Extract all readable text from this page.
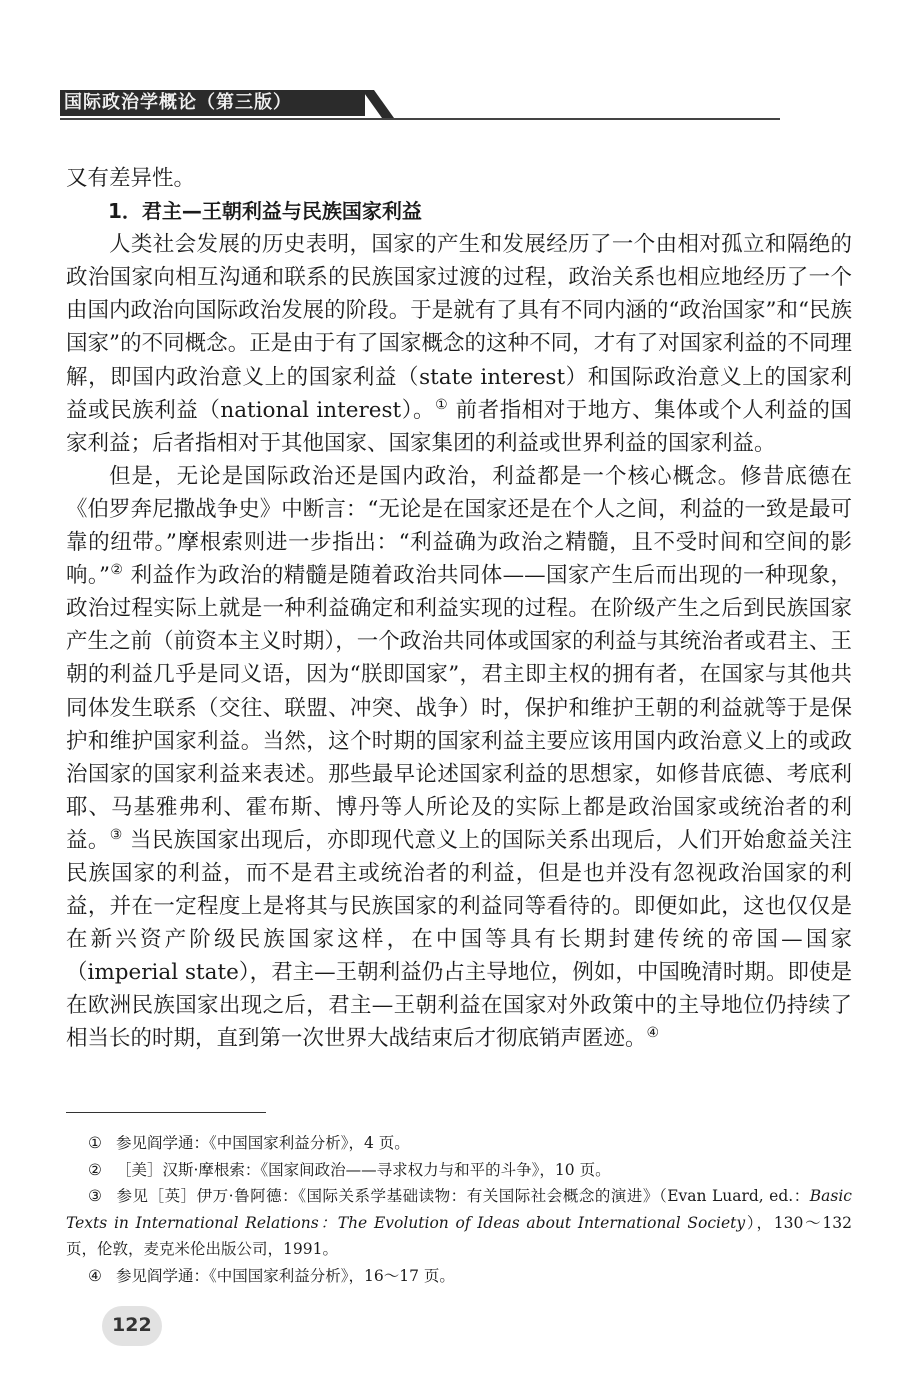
国际政治学概论（第三版）

又有差异性。

1．君主—王朝利益与民族国家利益

人类社会发展的历史表明，国家的产生和发展经历了一个由相对孤立和隔绝的政治国家向相互沟通和联系的民族国家过渡的过程，政治关系也相应地经历了一个由国内政治向国际政治发展的阶段。于是就有了具有不同内涵的“政治国家”和“民族国家”的不同概念。正是由于有了国家概念的这种不同，才有了对国家利益的不同理解，即国内政治意义上的国家利益（state interest）和国际政治意义上的国家利益或民族利益（national interest）。① 前者指相对于地方、集体或个人利益的国家利益；后者指相对于其他国家、国家集团的利益或世界利益的国家利益。

但是，无论是国际政治还是国内政治，利益都是一个核心概念。修昔底德在《伯罗奔尼撒战争史》中断言：“无论是在国家还是在个人之间，利益的一致是最可靠的纽带。”摩根索则进一步指出：“利益确为政治之精髓，且不受时间和空间的影响。”② 利益作为政治的精髓是随着政治共同体——国家产生后而出现的一种现象，政治过程实际上就是一种利益确定和利益实现的过程。在阶级产生之后到民族国家产生之前（前资本主义时期），一个政治共同体或国家的利益与其统治者或君主、王朝的利益几乎是同义语，因为“朕即国家”，君主即主权的拥有者，在国家与其他共同体发生联系（交往、联盟、冲突、战争）时，保护和维护王朝的利益就等于是保护和维护国家利益。当然，这个时期的国家利益主要应该用国内政治意义上的或政治国家的国家利益来表述。那些最早论述国家利益的思想家，如修昔底德、考底利耶、马基雅弗利、霍布斯、博丹等人所论及的实际上都是政治国家或统治者的利益。③ 当民族国家出现后，亦即现代意义上的国际关系出现后，人们开始愈益关注民族国家的利益，而不是君主或统治者的利益，但是也并没有忽视政治国家的利益，并在一定程度上是将其与民族国家的利益同等看待的。即便如此，这也仅仅是在新兴资产阶级民族国家这样，在中国等具有长期封建传统的帝国—国家（imperial state），君主—王朝利益仍占主导地位，例如，中国晚清时期。即使是在欧洲民族国家出现之后，君主—王朝利益在国家对外政策中的主导地位仍持续了相当长的时期，直到第一次世界大战结束后才彻底销声匿迹。④

① 参见阎学通：《中国国家利益分析》，4 页。

② ［美］汉斯·摩根索：《国家间政治——寻求权力与和平的斗争》，10 页。

③ 参见［英］伊万·鲁阿德：《国际关系学基础读物：有关国际社会概念的演进》（Evan Luard, ed.：Basic Texts in International Relations：The Evolution of Ideas about International Society），130～132 页，伦敦，麦克米伦出版公司，1991。

④ 参见阎学通：《中国国家利益分析》，16～17 页。

122
